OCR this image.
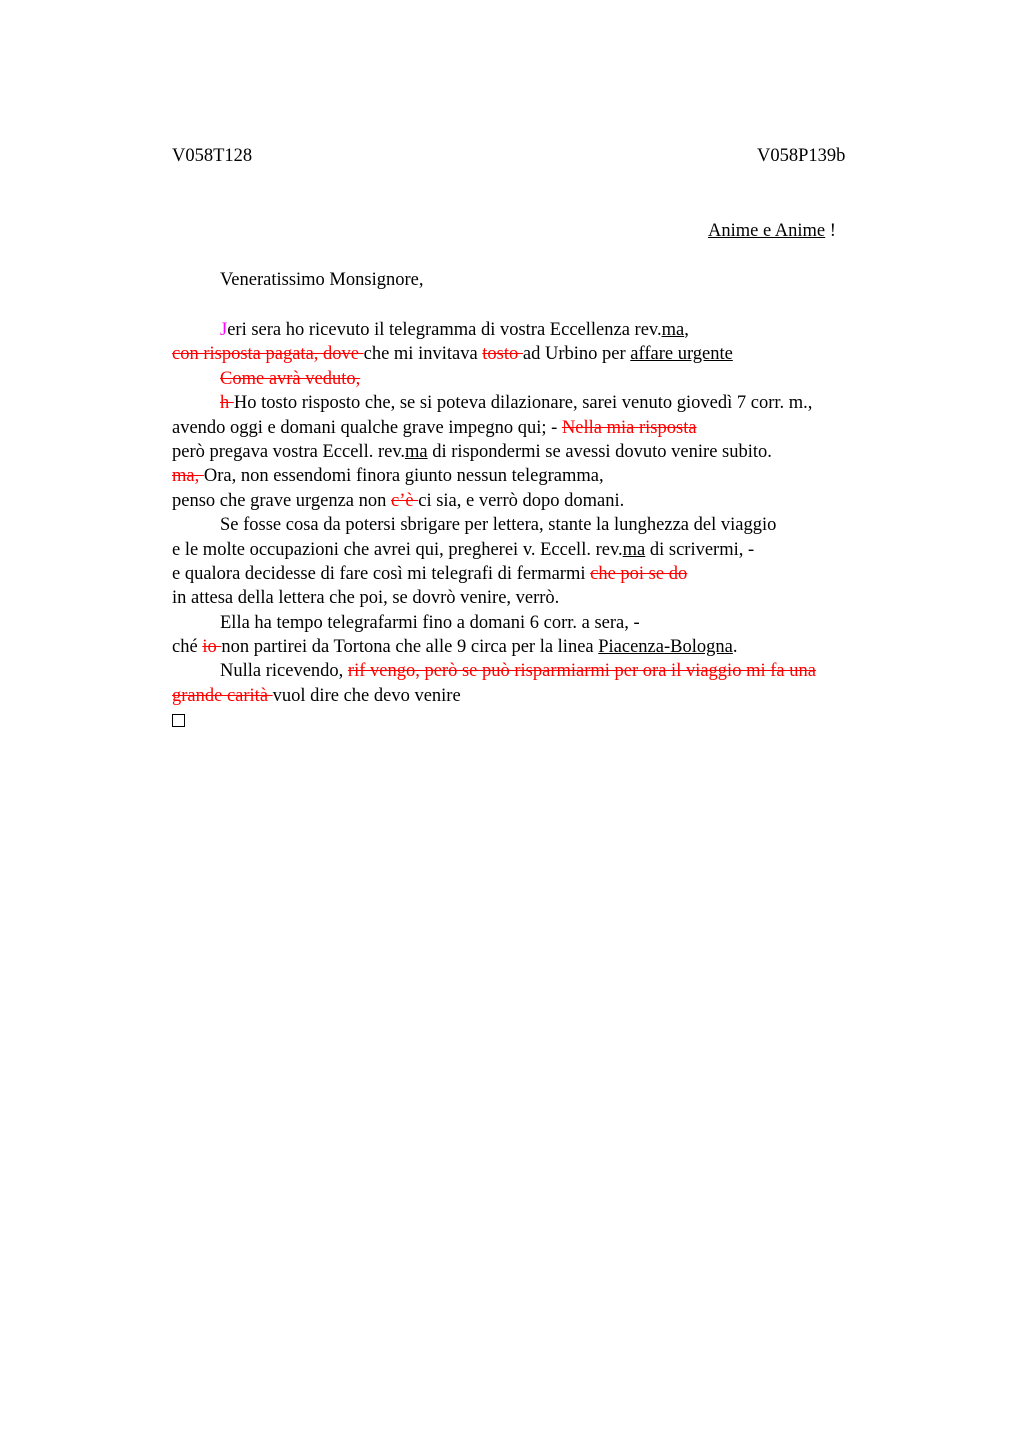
V058T128	V058P139b
Anime e Anime !
Veneratissimo Monsignore,
Jeri sera ho ricevuto il telegramma di vostra Eccellenza rev.ma,
con risposta pagata, dove che mi invitava tosto ad Urbino per affare urgente
Come avrà veduto,
h Ho tosto risposto che, se si poteva dilazionare, sarei venuto giovedì 7 corr. m.,
avendo oggi e domani qualche grave impegno qui; - Nella mia risposta
però pregava vostra Eccell. rev.ma di rispondermi se avessi dovuto venire subito.
ma, Ora, non essendomi finora giunto nessun telegramma,
penso che grave urgenza non c’è ci sia, e verrò dopo domani.
Se fosse cosa da potersi sbrigare per lettera, stante la lunghezza del viaggio
e le molte occupazioni che avrei qui, pregherei v. Eccell. rev.ma di scrivermi, -
e qualora decidesse di fare così mi telegrafi di fermarmi che poi se do
in attesa della lettera che poi, se dovrò venire, verrò.
Ella ha tempo telegrafarmi fino a domani 6 corr. a sera, -
ché io non partirei da Tortona che alle 9 circa per la linea Piacenza-Bologna.
Nulla ricevendo, rif vengo, però se può risparmiarmi per ora il viaggio mi fa una
grande carità vuol dire che devo venire
